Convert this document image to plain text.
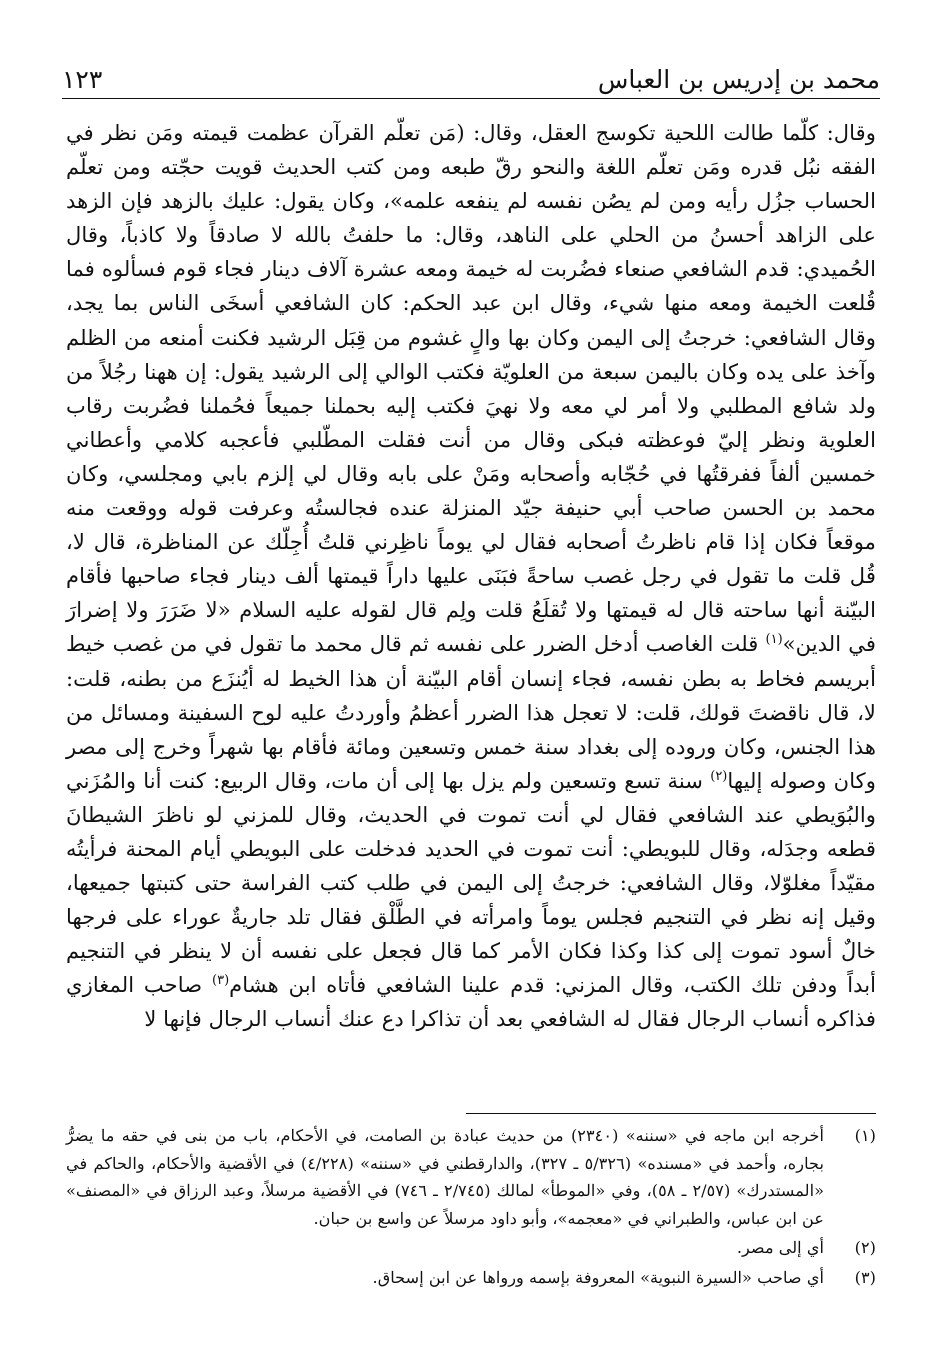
محمد بن إدريس بن العباس
١٢٣

وقال: كلّما طالت اللحية تكوسج العقل، وقال: (مَن تعلّم القرآن عظمت قيمته ومَن نظر في الفقه نبُل قدره ومَن تعلّم اللغة والنحو رقّ طبعه ومن كتب الحديث قويت حجّته ومن تعلّم الحساب جزُل رأيه ومن لم يصُن نفسه لم ينفعه علمه»، وكان يقول: عليك بالزهد فإن الزهد على الزاهد أحسنُ من الحلي على الناهد، وقال: ما حلفتُ بالله لا صادقاً ولا كاذباً، وقال الحُميدي: قدم الشافعي صنعاء فضُربت له خيمة ومعه عشرة آلاف دينار فجاء قوم فسألوه فما قُلعت الخيمة ومعه منها شيء، وقال ابن عبد الحكم: كان الشافعي أسخَى الناس بما يجد، وقال الشافعي: خرجتُ إلى اليمن وكان بها والٍ غشوم من قِبَل الرشيد فكنت أمنعه من الظلم وآخذ على يده وكان باليمن سبعة من العلويّة فكتب الوالي إلى الرشيد يقول: إن ههنا رجُلاً من ولد شافع المطلبي ولا أمر لي معه ولا نهيَ فكتب إليه بحملنا جميعاً فحُملنا فضُربت رقاب العلوية ونظر إليّ فوعظته فبكى وقال من أنت فقلت المطّلبي فأعجبه كلامي وأعطاني خمسين ألفاً ففرقتُها في حُجّابه وأصحابه ومَنْ على بابه وقال لي إلزم بابي ومجلسي، وكان محمد بن الحسن صاحب أبي حنيفة جيّد المنزلة عنده فجالستُه وعرفت قوله ووقعت منه موقعاً فكان إذا قام ناظرتُ أصحابه فقال لي يوماً ناظِرني قلتُ أُجِلّك عن المناظرة، قال لا، قُل قلت ما تقول في رجل غصب ساحةً فبَنَى عليها داراً قيمتها ألف دينار فجاء صاحبها فأقام البيّنة أنها ساحته قال له قيمتها ولا تُقلَعُ قلت ولِم قال لقوله عليه السلام «لا ضَرَرَ ولا إضرارَ في الدين»$^{(١)}$ قلت الغاصب أدخل الضرر على نفسه ثم قال محمد ما تقول في من غصب خيط أبريسم فخاط به بطن نفسه، فجاء إنسان أقام البيّنة أن هذا الخيط له أيُنزَع من بطنه، قلت: لا، قال ناقضتَ قولك، قلت: لا تعجل هذا الضرر أعظمُ وأوردتُ عليه لوح السفينة ومسائل من هذا الجنس، وكان وروده إلى بغداد سنة خمس وتسعين ومائة فأقام بها شهراً وخرج إلى مصر وكان وصوله إليها$^{(٢)}$ سنة تسع وتسعين ولم يزل بها إلى أن مات، وقال الربيع: كنت أنا والمُزَني والبُوَيطي عند الشافعي فقال لي أنت تموت في الحديث، وقال للمزني لو ناظرَ الشيطانَ قطعه وجدَله، وقال للبويطي: أنت تموت في الحديد فدخلت على البويطي أيام المحنة فرأيتُه مقيّداً مغلوّلا، وقال الشافعي: خرجتُ إلى اليمن في طلب كتب الفراسة حتى كتبتها جميعها، وقيل إنه نظر في التنجيم فجلس يوماً وامرأته في الطَّلْق فقال تلد جاريةٌ عوراء على فرجها خالٌ أسود تموت إلى كذا وكذا فكان الأمر كما قال فجعل على نفسه أن لا ينظر في التنجيم أبداً ودفن تلك الكتب، وقال المزني: قدم علينا الشافعي فأتاه ابن هشام$^{(٣)}$ صاحب المغازي فذاكره أنساب الرجال فقال له الشافعي بعد أن تذاكرا دع عنك أنساب الرجال فإنها لا

(١)
أخرجه ابن ماجه في «سننه» (٢٣٤٠) من حديث عبادة بن الصامت، في الأحكام، باب من بنى في حقه ما يضرُّ بجاره، وأحمد في «مسنده» (٥/٣٢٦ ـ ٣٢٧)، والدارقطني في «سننه» (٤/٢٢٨) في الأقضية والأحكام، والحاكم في «المستدرك» (٢/٥٧ ـ ٥٨)، وفي «الموطأ» لمالك (٢/٧٤٥ ـ ٧٤٦) في الأقضية مرسلاً، وعبد الرزاق في «المصنف» عن ابن عباس، والطبراني في «معجمه»، وأبو داود مرسلاً عن واسع بن حبان.
(٢)
أي إلى مصر.
(٣)
أي صاحب «السيرة النبوية» المعروفة بإسمه ورواها عن ابن إسحاق.
